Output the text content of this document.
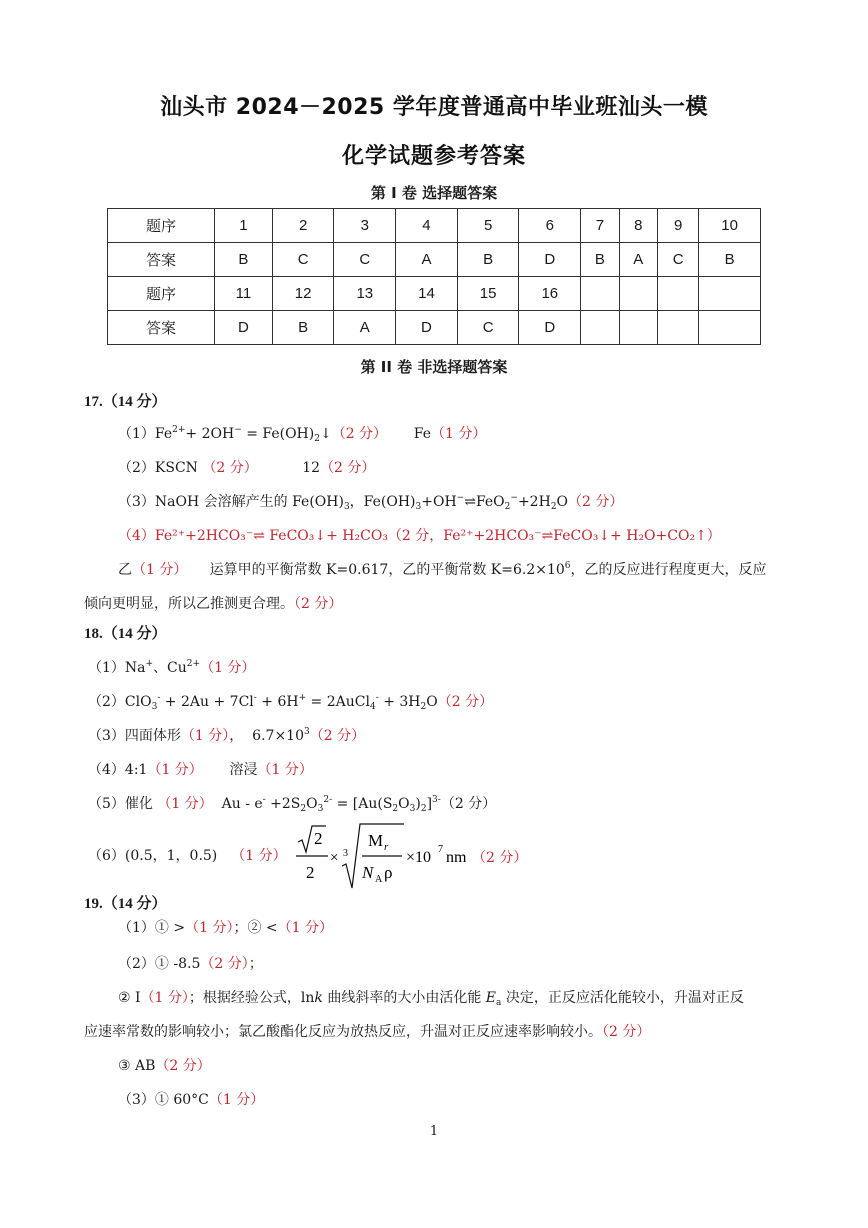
汕头市 2024－2025 学年度普通高中毕业班汕头一模
化学试题参考答案
第 I 卷 选择题答案
题序	1	2	3	4	5	6	7	8	9	10
答案	B	C	C	A	B	D	B	A	C	B
题序	11	12	13	14	15	16				
答案	D	B	A	D	C	D				
第 II 卷 非选择题答案
17.（14 分）
$(1)Fe^{2+}+ 2OH^-$ = $Fe(OH)_2↓(2$ 分）      Fe（1 分）
（2）KSCN （2 分）          12（2 分）
（3）NaOH 会溶解产生的 $Fe(OH)_3$，$Fe(OH)_3+OH^-\rightleftharpoons FeO_2^-+2H_2O(2$ 分）
（4）Fe²⁺+2HCO₃⁻⇌ FeCO₃↓+ H₂CO₃（2 分，Fe²⁺+2HCO₃⁻⇌FeCO₃↓+ H₂O+CO₂↑）
乙（1 分）     运算甲的平衡常数 K=0.617，乙的平衡常数 $K=6.2\times 10^6$，乙的反应进行程度更大，反应
倾向更明显，所以乙推测更合理。（2 分）
18.（14 分）
（1）Na+、$Cu^{2+}(1$ 分）
（2）ClO$_3$- + 2Au + 7Cl- + 6H+ = 2AuCl$_4$- + $3H_2O(2$ 分）
（3）四面体形（1 分），  $6.7\times 10^3(2$ 分）
（4）4:1（1 分）      溶浸（1 分）
（5）催化 （1 分）  $Au - e^- +2S_2O_3^{2-} = [Au(S_2O_3)_2]^{3-}(2$ 分）
（6）(0.5，1，0.5) （1 分）
2
2
× 3
M r
N A ρ
×10 7 nm （2 分）
19.（14 分）
（1）① >（1 分）；② <（1 分）
（2）① -8.5（2 分）；
② I（1 分）；根据经验公式，lnk 曲线斜率的大小由活化能 $E_a$ 决定，正反应活化能较小，升温对正反
应速率常数的影响较小；氯乙酸酯化反应为放热反应，升温对正反应速率影响较小。（2 分）
③ AB（2 分）
（3）① 60°C（1 分）
1
